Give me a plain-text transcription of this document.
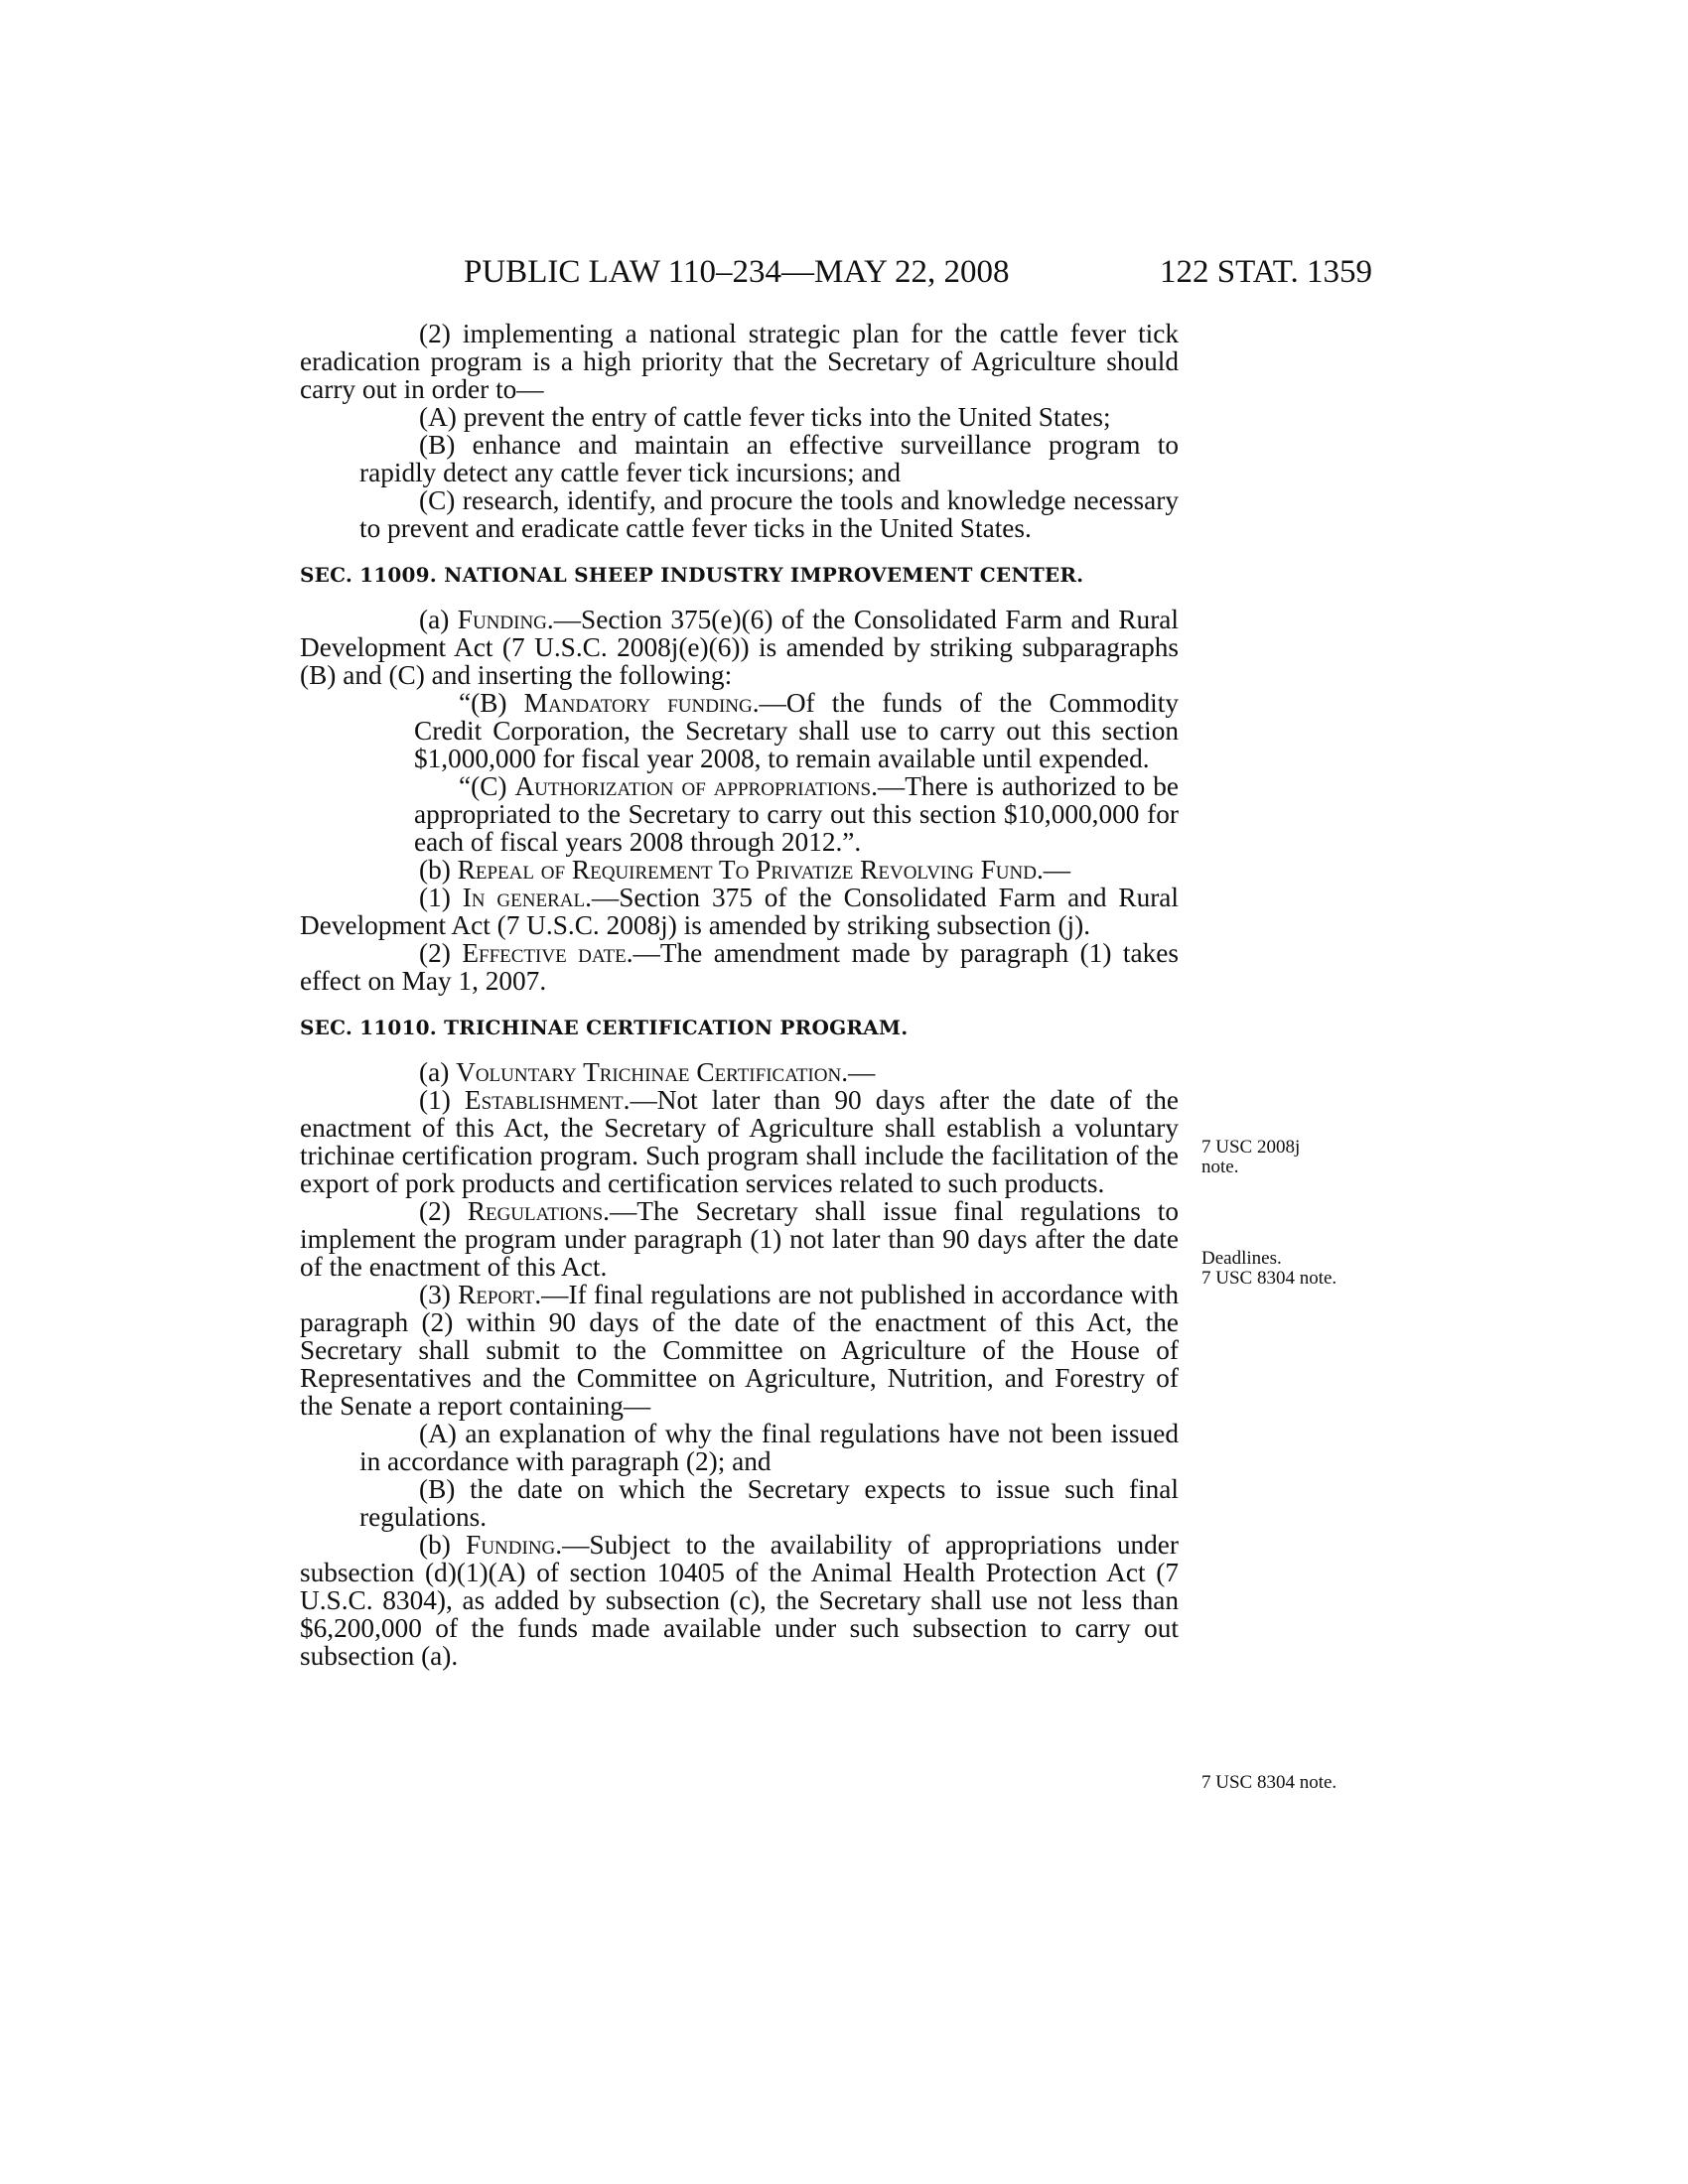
PUBLIC LAW 110–234—MAY 22, 2008	122 STAT. 1359

(2) implementing a national strategic plan for the cattle fever tick eradication program is a high priority that the Secretary of Agriculture should carry out in order to—

(A) prevent the entry of cattle fever ticks into the United States;

(B) enhance and maintain an effective surveillance program to rapidly detect any cattle fever tick incursions; and

(C) research, identify, and procure the tools and knowledge necessary to prevent and eradicate cattle fever ticks in the United States.

SEC. 11009. NATIONAL SHEEP INDUSTRY IMPROVEMENT CENTER.

(a) Funding.—Section 375(e)(6) of the Consolidated Farm and Rural Development Act (7 U.S.C. 2008j(e)(6)) is amended by striking subparagraphs (B) and (C) and inserting the following:

“(B) Mandatory funding.—Of the funds of the Commodity Credit Corporation, the Secretary shall use to carry out this section $1,000,000 for fiscal year 2008, to remain available until expended.

“(C) Authorization of appropriations.—There is authorized to be appropriated to the Secretary to carry out this section $10,000,000 for each of fiscal years 2008 through 2012.”.

(b) Repeal of Requirement To Privatize Revolving Fund.—

(1) In general.—Section 375 of the Consolidated Farm and Rural Development Act (7 U.S.C. 2008j) is amended by striking subsection (j).

(2) Effective date.—The amendment made by paragraph (1) takes effect on May 1, 2007.

SEC. 11010. TRICHINAE CERTIFICATION PROGRAM.

(a) Voluntary Trichinae Certification.—

(1) Establishment.—Not later than 90 days after the date of the enactment of this Act, the Secretary of Agriculture shall establish a voluntary trichinae certification program. Such program shall include the facilitation of the export of pork products and certification services related to such products.

(2) Regulations.—The Secretary shall issue final regulations to implement the program under paragraph (1) not later than 90 days after the date of the enactment of this Act.

(3) Report.—If final regulations are not published in accordance with paragraph (2) within 90 days of the date of the enactment of this Act, the Secretary shall submit to the Committee on Agriculture of the House of Representatives and the Committee on Agriculture, Nutrition, and Forestry of the Senate a report containing—

(A) an explanation of why the final regulations have not been issued in accordance with paragraph (2); and

(B) the date on which the Secretary expects to issue such final regulations.

(b) Funding.—Subject to the availability of appropriations under subsection (d)(1)(A) of section 10405 of the Animal Health Protection Act (7 U.S.C. 8304), as added by subsection (c), the Secretary shall use not less than $6,200,000 of the funds made available under such subsection to carry out subsection (a).

7 USC 2008j
note.
Deadlines.
7 USC 8304 note.
7 USC 8304 note.
